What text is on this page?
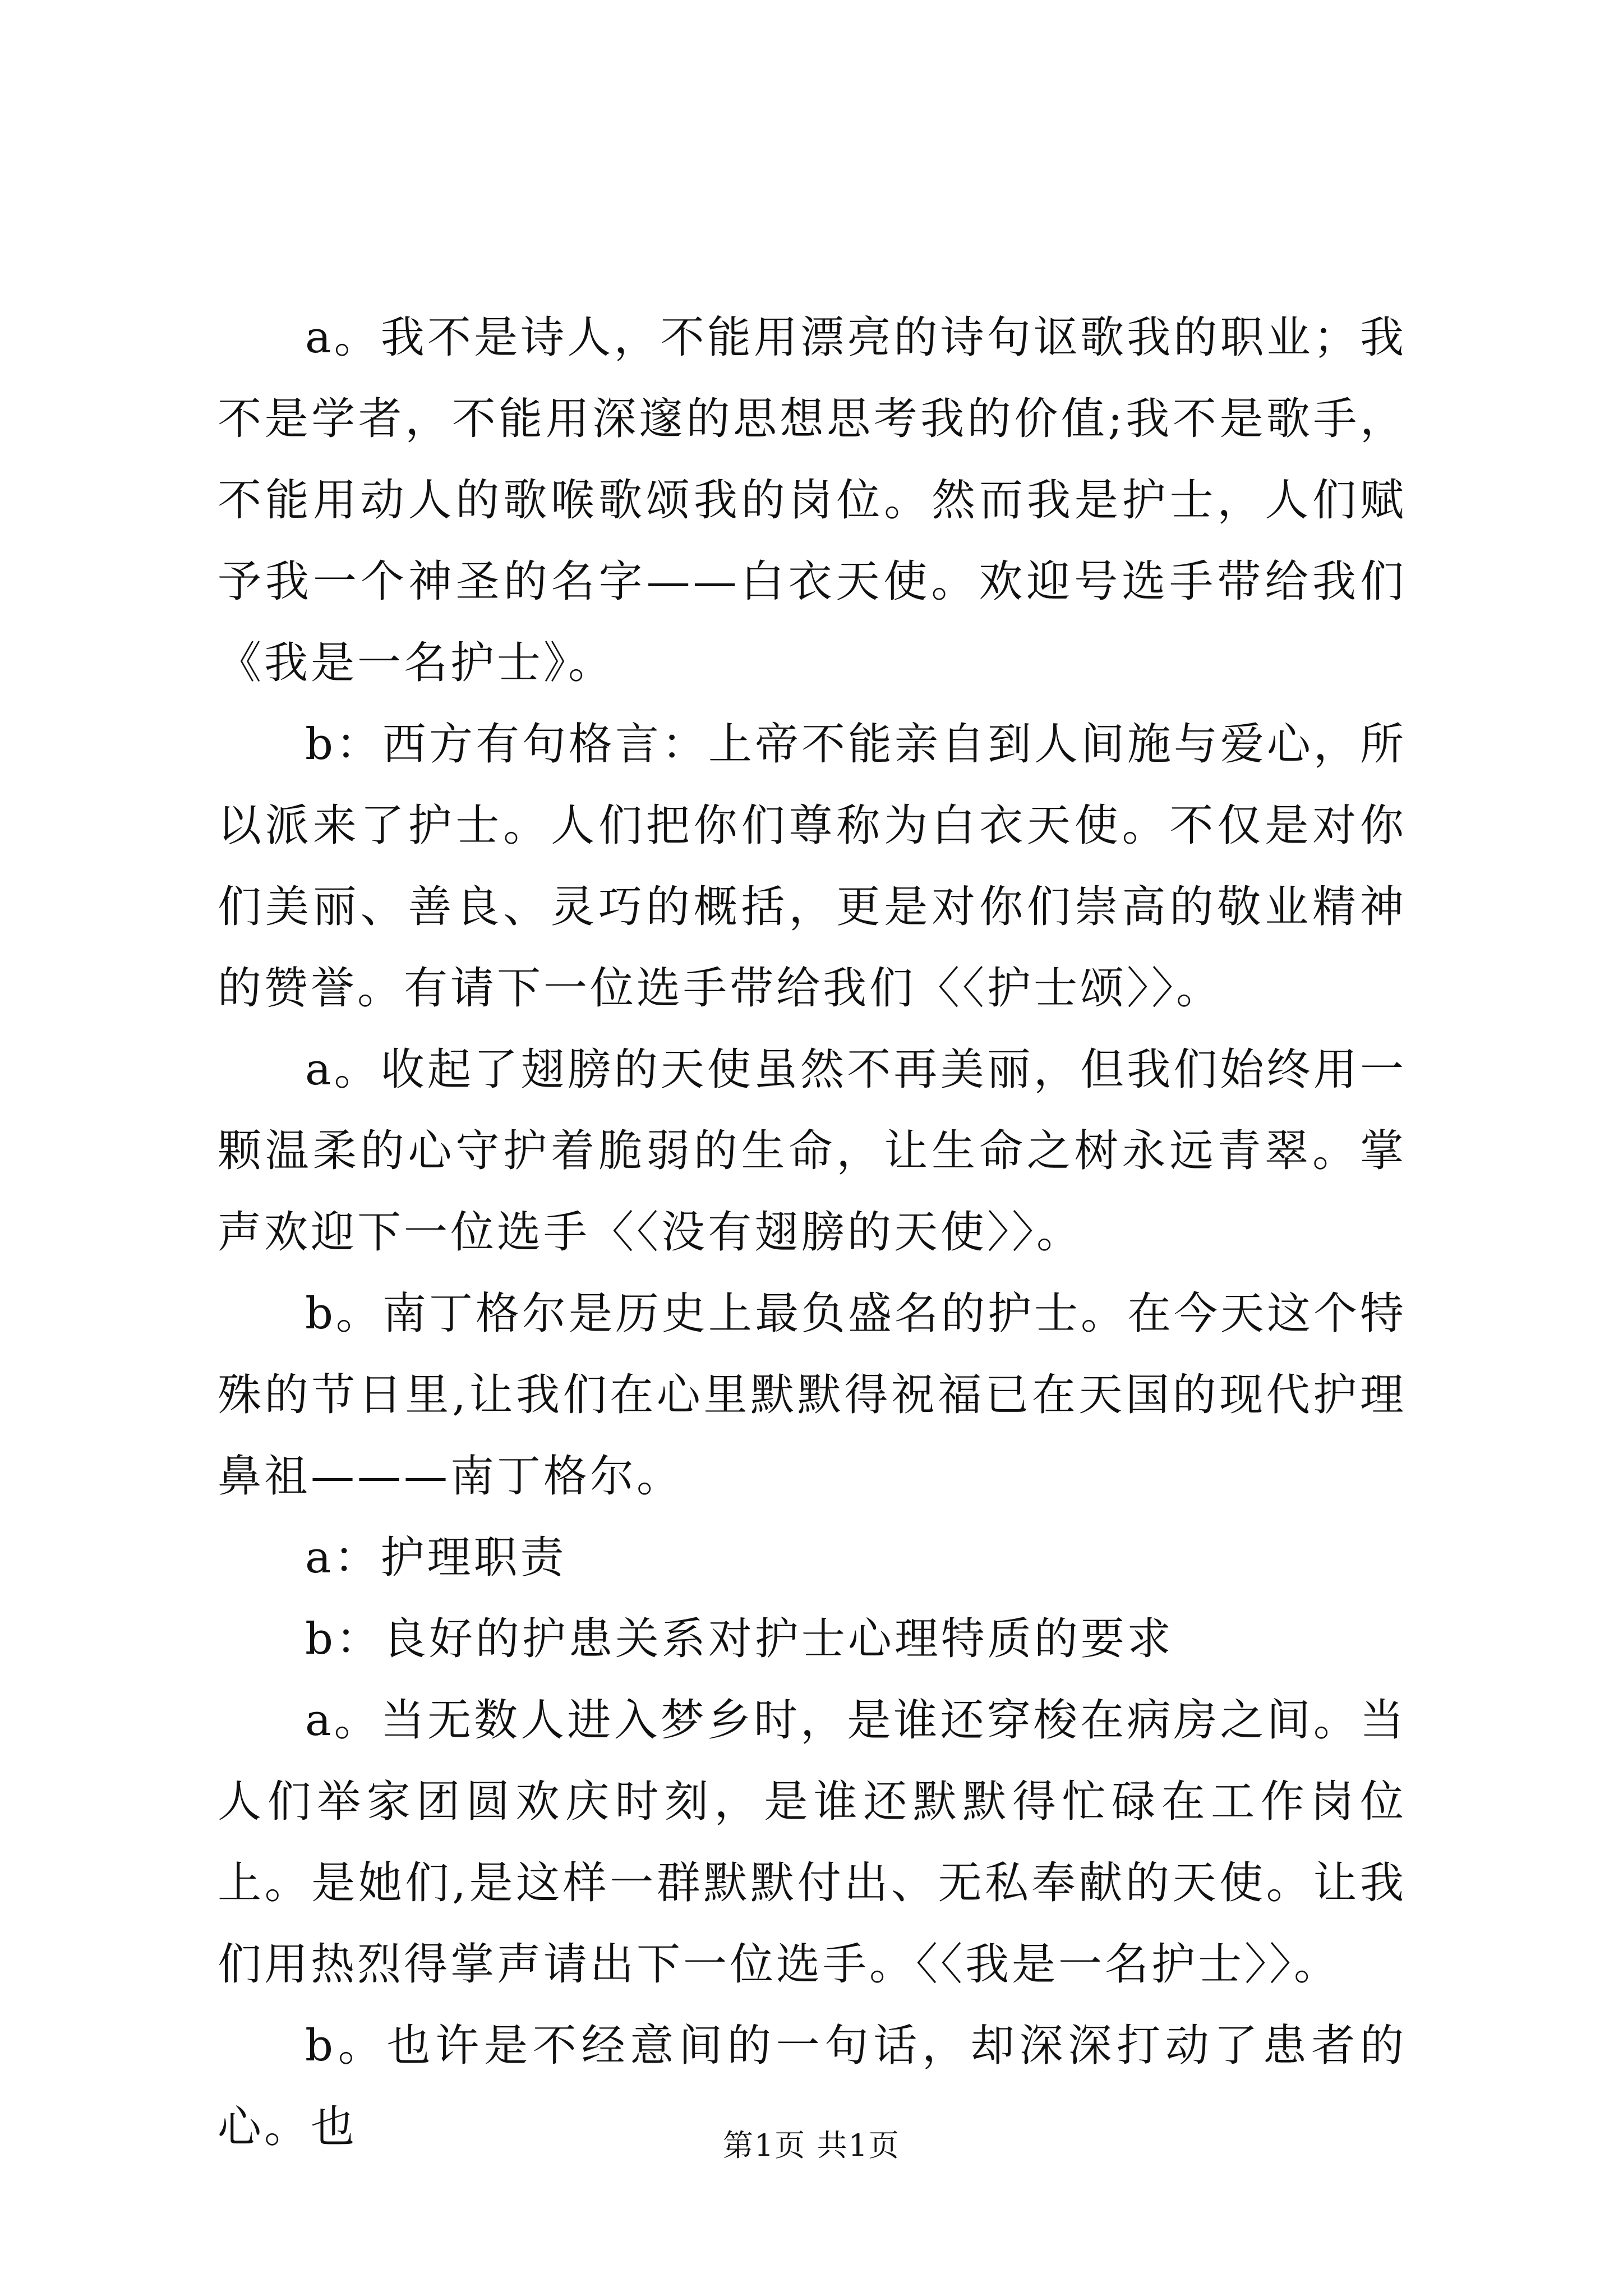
a。我不是诗人，不能用漂亮的诗句讴歌我的职业；我不是学者，不能用深邃的思想思考我的价值;我不是歌手，不能用动人的歌喉歌颂我的岗位。然而我是护士，人们赋予我一个神圣的名字——白衣天使。欢迎号选手带给我们《我是一名护士》。

b：西方有句格言：上帝不能亲自到人间施与爱心，所以派来了护士。人们把你们尊称为白衣天使。不仅是对你们美丽、善良、灵巧的概括，更是对你们崇高的敬业精神的赞誉。有请下一位选手带给我们〈〈护士颂〉〉。

a。收起了翅膀的天使虽然不再美丽，但我们始终用一颗温柔的心守护着脆弱的生命，让生命之树永远青翠。掌声欢迎下一位选手〈〈没有翅膀的天使〉〉。

b。南丁格尔是历史上最负盛名的护士。在今天这个特殊的节日里,让我们在心里默默得祝福已在天国的现代护理鼻祖———南丁格尔。

a：护理职责

b：良好的护患关系对护士心理特质的要求

a。当无数人进入梦乡时，是谁还穿梭在病房之间。当人们举家团圆欢庆时刻，是谁还默默得忙碌在工作岗位上。是她们,是这样一群默默付出、无私奉献的天使。让我们用热烈得掌声请出下一位选手。〈〈我是一名护士〉〉。

b。也许是不经意间的一句话，却深深打动了患者的心。也	第1页 共1页
